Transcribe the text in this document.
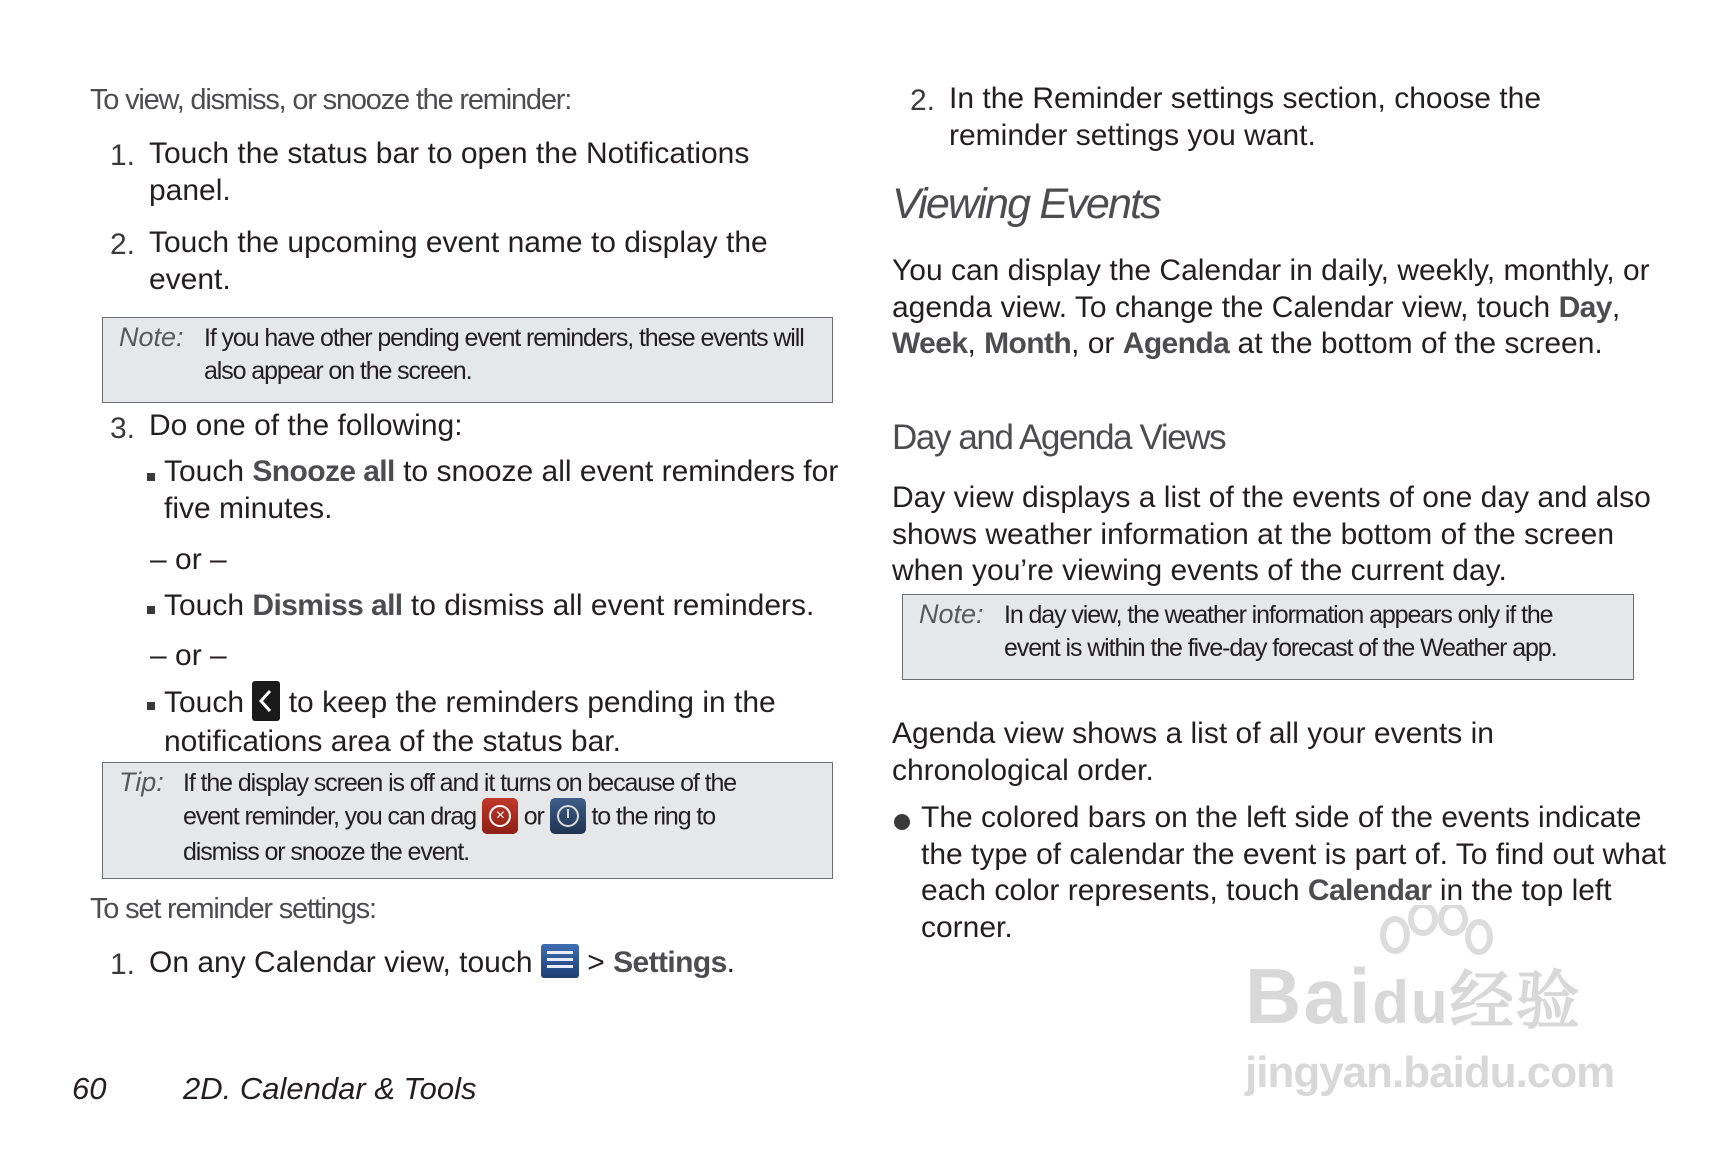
To view, dismiss, or snooze the reminder:
1. Touch the status bar to open the Notifications panel.
2. Touch the upcoming event name to display the event.
Note: If you have other pending event reminders, these events will also appear on the screen.
3. Do one of the following:
Touch Snooze all to snooze all event reminders for five minutes.
– or –
Touch Dismiss all to dismiss all event reminders.
– or –
Touch
to keep the reminders pending in the notifications area of the status bar.
Tip: If the display screen is off and it turns on because of the
event reminder, you can drag × or
to the ring to
dismiss or snooze the event.
To set reminder settings:
1. On any Calendar view, touch
> Settings.
60 2D. Calendar & Tools
2. In the Reminder settings section, choose the reminder settings you want.
Viewing Events
You can display the Calendar in daily, weekly, monthly, or agenda view. To change the Calendar view, touch Day, Week, Month, or Agenda at the bottom of the screen.
Day and Agenda Views
Day view displays a list of the events of one day and also shows weather information at the bottom of the screen when you’re viewing events of the current day.
Note: In day view, the weather information appears only if the
event is within the five-day forecast of the Weather app.
Agenda view shows a list of all your events in chronological order.
The colored bars on the left side of the events indicate the type of calendar the event is part of. To find out what each color represents, touch Calendar in the top left corner.
Baidu经验
jingyan.baidu.com
